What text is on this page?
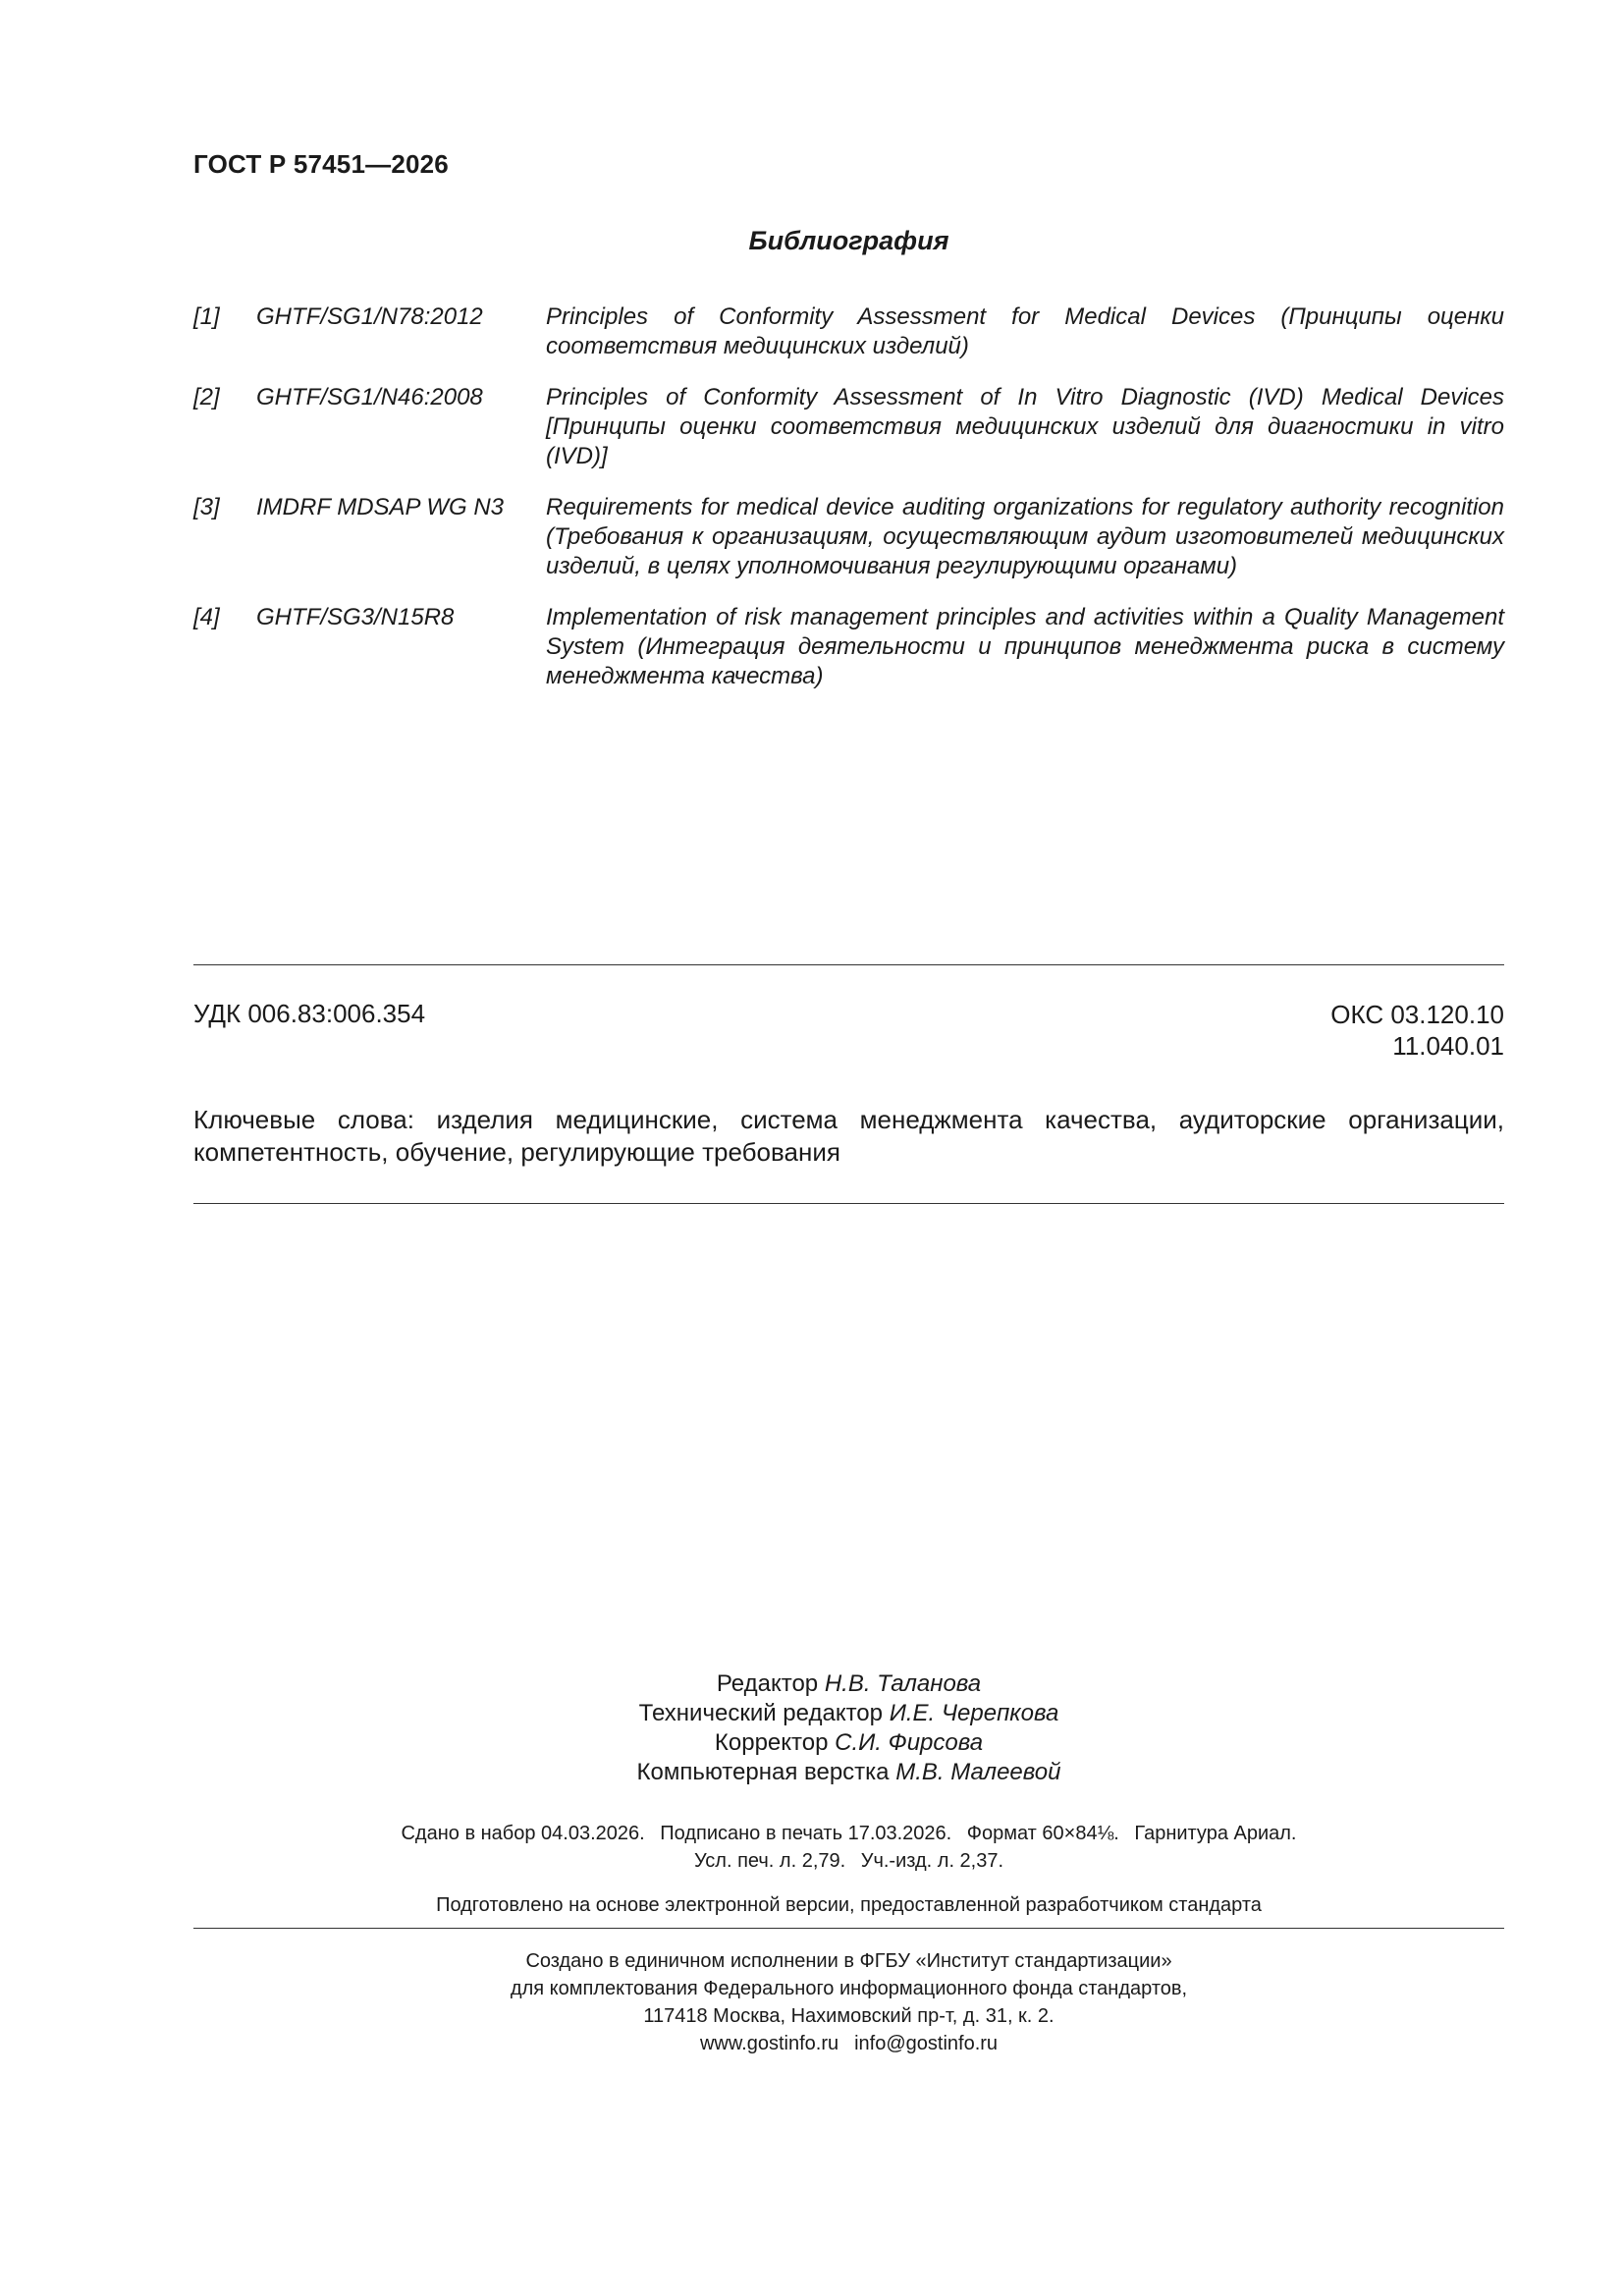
ГОСТ Р 57451—2026
Библиография
[1]	GHTF/SG1/N78:2012	Principles of Conformity Assessment for Medical Devices (Принципы оценки соответствия медицинских изделий)
[2]	GHTF/SG1/N46:2008	Principles of Conformity Assessment of In Vitro Diagnostic (IVD) Medical Devices [Принципы оценки соответствия медицинских изделий для диагностики in vitro (IVD)]
[3]	IMDRF MDSAP WG N3	Requirements for medical device auditing organizations for regulatory authority recognition (Требования к организациям, осуществляющим аудит изготовителей медицинских изделий, в целях уполномочивания регулирующими органами)
[4]	GHTF/SG3/N15R8	Implementation of risk management principles and activities within a Quality Management System (Интеграция деятельности и принципов менеджмента риска в систему менеджмента качества)
УДК 006.83:006.354	ОКС 03.120.10
11.040.01
Ключевые слова: изделия медицинские, система менеджмента качества, аудиторские организации, компетентность, обучение, регулирующие требования
Редактор Н.В. Таланова
Технический редактор И.Е. Черепкова
Корректор С.И. Фирсова
Компьютерная верстка М.В. Малеевой
Сдано в набор 04.03.2026. Подписано в печать 17.03.2026. Формат 60×84⅛. Гарнитура Ариал.
Усл. печ. л. 2,79. Уч.-изд. л. 2,37.
Подготовлено на основе электронной версии, предоставленной разработчиком стандарта
Создано в единичном исполнении в ФГБУ «Институт стандартизации»
для комплектования Федерального информационного фонда стандартов,
117418 Москва, Нахимовский пр-т, д. 31, к. 2.
www.gostinfo.ru info@gostinfo.ru
